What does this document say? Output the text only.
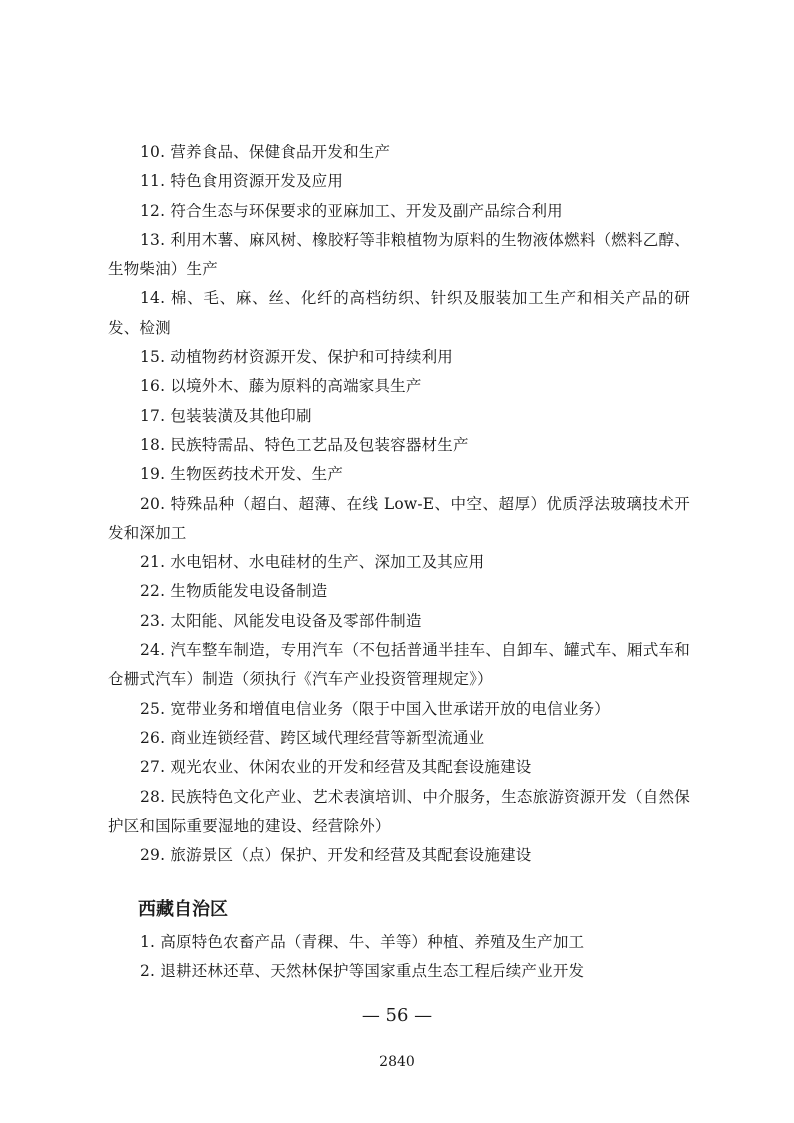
10. 营养食品、保健食品开发和生产
11. 特色食用资源开发及应用
12. 符合生态与环保要求的亚麻加工、开发及副产品综合利用
13. 利用木薯、麻风树、橡胶籽等非粮植物为原料的生物液体燃料（燃料乙醇、生物柴油）生产
14. 棉、毛、麻、丝、化纤的高档纺织、针织及服装加工生产和相关产品的研发、检测
15. 动植物药材资源开发、保护和可持续利用
16. 以境外木、藤为原料的高端家具生产
17. 包装装潢及其他印刷
18. 民族特需品、特色工艺品及包装容器材生产
19. 生物医药技术开发、生产
20. 特殊品种（超白、超薄、在线 Low-E、中空、超厚）优质浮法玻璃技术开发和深加工
21. 水电铝材、水电硅材的生产、深加工及其应用
22. 生物质能发电设备制造
23. 太阳能、风能发电设备及零部件制造
24. 汽车整车制造，专用汽车（不包括普通半挂车、自卸车、罐式车、厢式车和仓栅式汽车）制造（须执行《汽车产业投资管理规定》）
25. 宽带业务和增值电信业务（限于中国入世承诺开放的电信业务）
26. 商业连锁经营、跨区域代理经营等新型流通业
27. 观光农业、休闲农业的开发和经营及其配套设施建设
28. 民族特色文化产业、艺术表演培训、中介服务，生态旅游资源开发（自然保护区和国际重要湿地的建设、经营除外）
29. 旅游景区（点）保护、开发和经营及其配套设施建设
西藏自治区
1. 高原特色农畜产品（青稞、牛、羊等）种植、养殖及生产加工
2. 退耕还林还草、天然林保护等国家重点生态工程后续产业开发
— 56 —
2840
